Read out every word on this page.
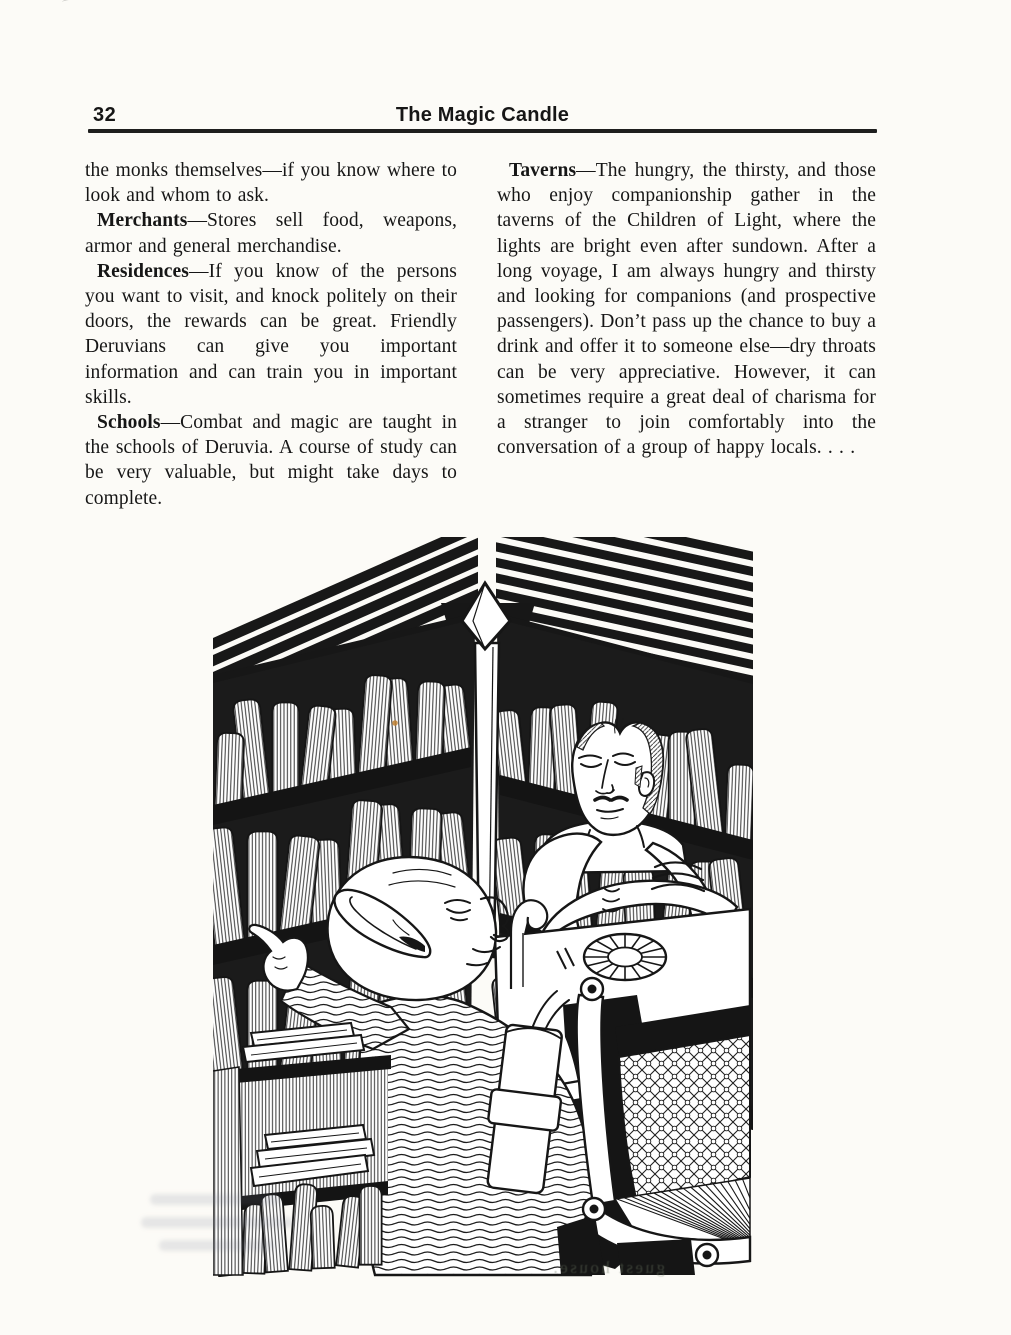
32	The Magic Candle

the monks themselves—if you know where to look and whom to ask.

Merchants—Stores sell food, weapons, armor and general merchandise.

Residences—If you know of the persons you want to visit, and knock politely on their doors, the rewards can be great. Friendly Deruvians can give you important information and can train you in important skills.

Schools—Combat and magic are taught in the schools of Deruvia. A course of study can be very valuable, but might take days to complete.

Taverns—The hungry, the thirsty, and those who enjoy companionship gather in the taverns of the Children of Light, where the lights are bright even after sundown. After a long voyage, I am always hungry and thirsty and looking for companions (and prospective passengers). Don’t pass up the chance to buy a drink and offer it to someone else—dry throats can be very appreciative. However, it can sometimes require a great deal of charisma for a stranger to join comfortably into the conversation of a group of happy locals. . . .

guest house.
